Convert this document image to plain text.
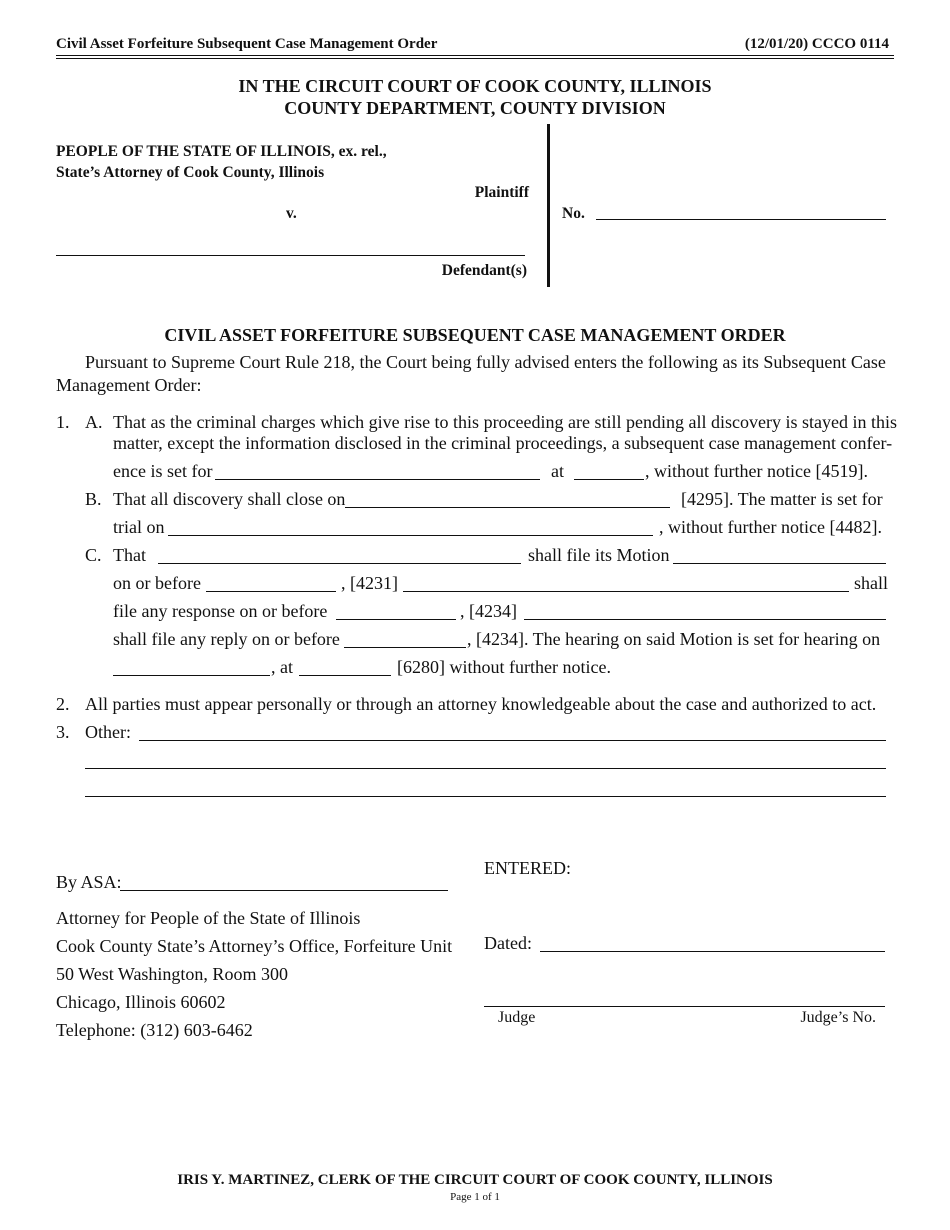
Civil Asset Forfeiture Subsequent Case Management Order	(12/01/20) CCCO 0114
IN THE CIRCUIT COURT OF COOK COUNTY, ILLINOIS
COUNTY DEPARTMENT, COUNTY DIVISION
PEOPLE OF THE STATE OF ILLINOIS, ex. rel.,
State’s Attorney of Cook County, Illinois
Plaintiff
v.
Defendant(s)
No.
CIVIL ASSET FORFEITURE SUBSEQUENT CASE MANAGEMENT ORDER
Pursuant to Supreme Court Rule 218, the Court being fully advised enters the following as its Subsequent Case
Management Order:
1. A. That as the criminal charges which give rise to this proceeding are still pending all discovery is stayed in this
matter, except the information disclosed in the criminal proceedings, a subsequent case management confer-
ence is set for	at	, without further notice [4519].
B. That all discovery shall close on	[4295]. The matter is set for
trial on	, without further notice [4482].
C. That	shall file its Motion
on or before	, [4231]	shall
file any response on or before	, [4234]
shall file any reply on or before	, [4234]. The hearing on said Motion is set for hearing on
, at	[6280] without further notice.
2. All parties must appear personally or through an attorney knowledgeable about the case and authorized to act.
3. Other:
By ASA:
Attorney for People of the State of Illinois
Cook County State’s Attorney’s Office, Forfeiture Unit
50 West Washington, Room 300
Chicago, Illinois 60602
Telephone: (312) 603-6462
ENTERED:
Dated:
Judge	Judge’s No.
IRIS Y. MARTINEZ, CLERK OF THE CIRCUIT COURT OF COOK COUNTY, ILLINOIS
Page 1 of 1
